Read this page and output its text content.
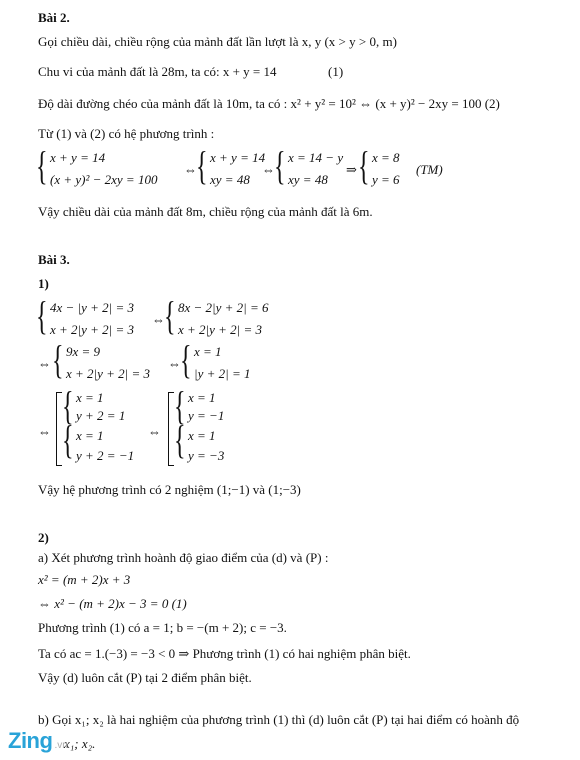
Bài 2.
Gọi chiều dài, chiều rộng của mảnh đất lần lượt là x, y (x > y > 0, m)
Chu vi của mảnh đất là 28m, ta có: x + y = 14	(1)
Độ dài đường chéo của mảnh đất là 10m, ta có : x² + y² = 10² ⇔ (x + y)² − 2xy = 100 (2)
Từ (1) và (2) có hệ phương trình :
{ x + y = 14
(x + y)² − 2xy = 100
⇔ { x + y = 14
xy = 48
⇔ { x = 14 − y
xy = 48
⇒ { x = 8
y = 6
(TM)
Vậy chiều dài của mảnh đất 8m, chiều rộng của mảnh đất là 6m.
Bài 3.
1)
{ 4x − |y + 2| = 3
x + 2|y + 2| = 3
⇔ { 8x − 2|y + 2| = 6
x + 2|y + 2| = 3
⇔ { 9x = 9
x + 2|y + 2| = 3
⇔ { x = 1
|y + 2| = 1
⇔
{ x = 1
y + 2 = 1
{ x = 1
y + 2 = −1
⇔
{ x = 1
y = −1
{ x = 1
y = −3
Vậy hệ phương trình có 2 nghiệm (1;−1) và (1;−3)
2)
a) Xét phương trình hoành độ giao điểm của (d) và (P) :
x² = (m + 2)x + 3
⇔ x² − (m + 2)x − 3 = 0 (1)
Phương trình (1) có a = 1; b = −(m + 2); c = −3.
Ta có ac = 1.(−3) = −3 < 0 ⇒ Phương trình (1) có hai nghiệm phân biệt.
Vậy (d) luôn cắt (P) tại 2 điểm phân biệt.
b) Gọi x₁; x₂ là hai nghiệm của phương trình (1) thì (d) luôn cắt (P) tại hai điểm có hoành độ
x₁; x₂.
Zing .vn
